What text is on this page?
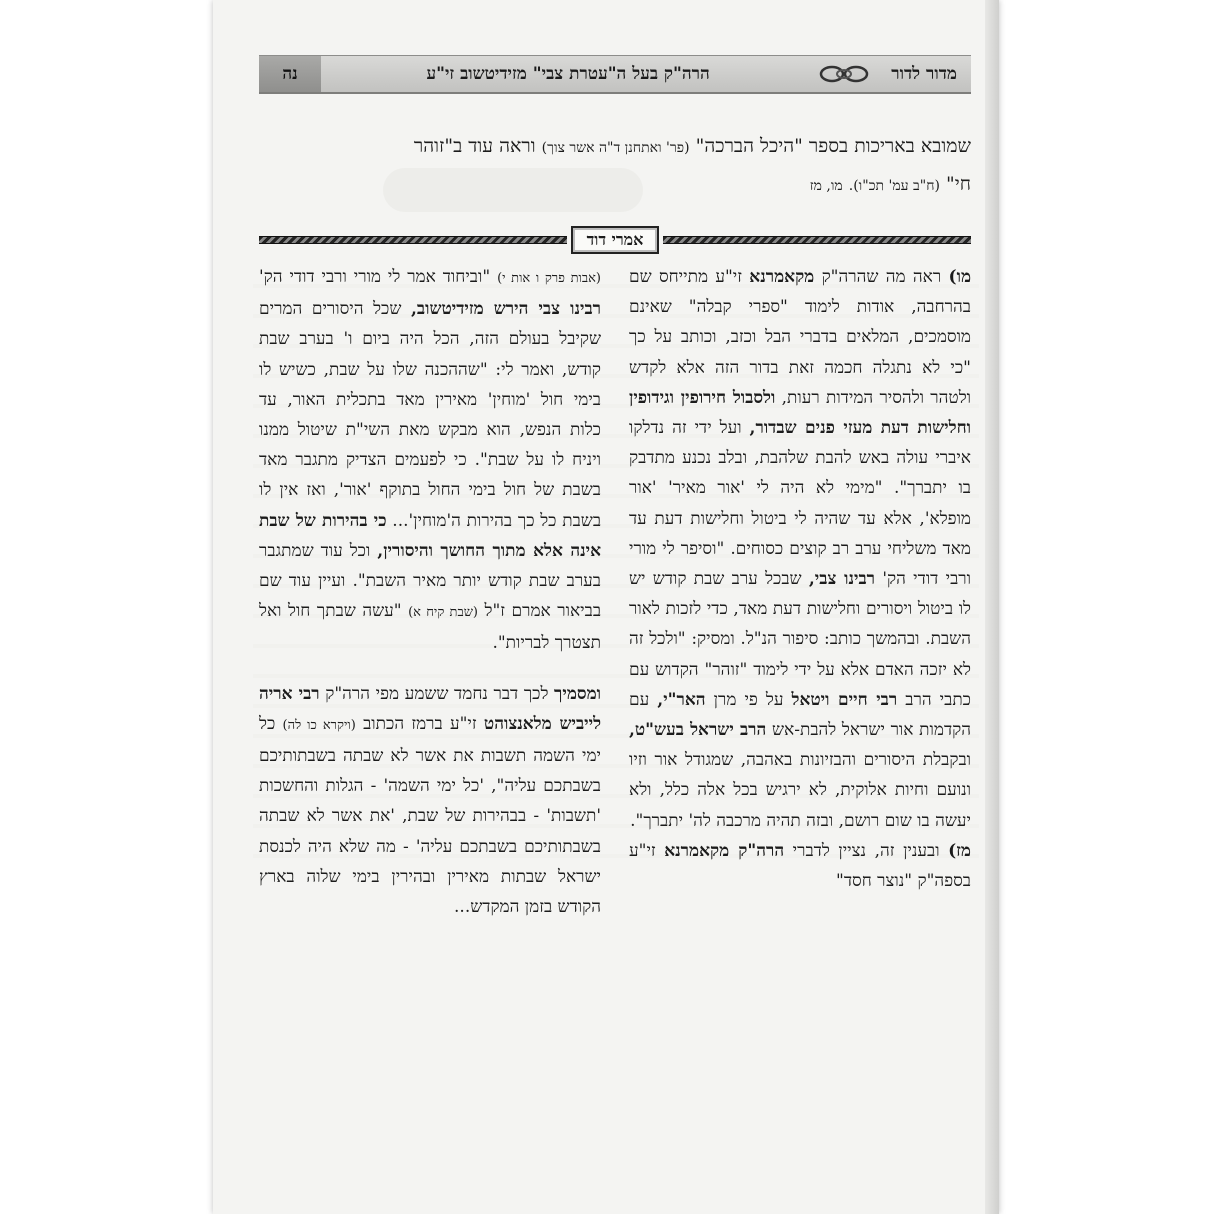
מדור לדור
הרה"ק בעל ה"עטרת צבי" מזידיטשוב זי"ע
נה
שמובא באריכות בספר "היכל הברכה" (פר' ואתחנן ד"ה אשר צוך) וראה עוד ב"זוהר
חי" (ח"ב עמ' תכ"ו). מו, מז
אמרי דוד

מו) ראה מה שהרה"ק מקאמרנא זי"ע מתייחס שם בהרחבה, אודות לימוד "ספרי קבלה" שאינם מוסמכים, המלאים בדברי הבל וכזב, וכותב על כך "כי לא נתגלה חכמה זאת בדור הזה אלא לקדש ולטהר ולהסיר המידות רעות, ולסבול חירופין וגידופין וחלישות דעת מעזי פנים שבדור, ועל ידי זה נדלקו איברי עולה באש להבת שלהבת, ובלב נכנע מתדבק בו יתברך". "מימי לא היה לי 'אור מאיר' 'אור מופלא', אלא עד שהיה לי ביטול וחלישות דעת עד מאד משליחי ערב רב קוצים כסוחים. "וסיפר לי מורי ורבי דודי הק' רבינו צבי, שבכל ערב שבת קודש יש לו ביטול ויסורים וחלישות דעת מאד, כדי לזכות לאור השבת. ובהמשך כותב: סיפור הנ"ל. ומסיק: "ולכל זה לא יזכה האדם אלא על ידי לימוד "זוהר" הקדוש עם כתבי הרב רבי חיים ויטאל על פי מרן האר"י, עם הקדמות אור ישראל להבת-אש הרב ישראל בעש"ט, ובקבלת היסורים והבזיונות באהבה, שמגודל אור וזיו ונועם וחיות אלוקית, לא ירגיש בכל אלה כלל, ולא יעשה בו שום רושם, ובזה תהיה מרכבה לה' יתברך".

מז) ובענין זה, נציין לדברי הרה"ק מקאמרנא זי"ע בספה"ק "נוצר חסד"

(אבות פרק ו אות י) "וביחוד אמר לי מורי ורבי דודי הק' רבינו צבי הירש מזידיטשוב, שכל היסורים המרים שקיבל בעולם הזה, הכל היה ביום ו' בערב שבת קודש, ואמר לי: "שההכנה שלו על שבת, כשיש לו בימי חול 'מוחין' מאירין מאד בתכלית האור, עד כלות הנפש, הוא מבקש מאת השי"ת שיטול ממנו ויניח לו על שבת". כי לפעמים הצדיק מתגבר מאד בשבת של חול בימי החול בתוקף 'אור', ואז אין לו בשבת כל כך בהירות ה'מוחין'... כי בהירות של שבת אינה אלא מתוך החושך והיסורין, וכל עוד שמתגבר בערב שבת קודש יותר מאיר השבת". ועיין עוד שם בביאור אמרם ז"ל (שבת קיח א) "עשה שבתך חול ואל תצטרך לבריות".

ומסמיך לכך דבר נחמד ששמע מפי הרה"ק רבי אריה לייביש מלאנצוהט זי"ע ברמז הכתוב (ויקרא כו לה) כל ימי השמה תשבות את אשר לא שבתה בשבתותיכם בשבתכם עליה", 'כל ימי השמה' - הגלות והחשכות 'תשבות' - בבהירות של שבת, 'את אשר לא שבתה בשבתותיכם בשבתכם עליה' - מה שלא היה לכנסת ישראל שבתות מאירין ובהירין בימי שלוה בארץ הקודש בזמן המקדש...
